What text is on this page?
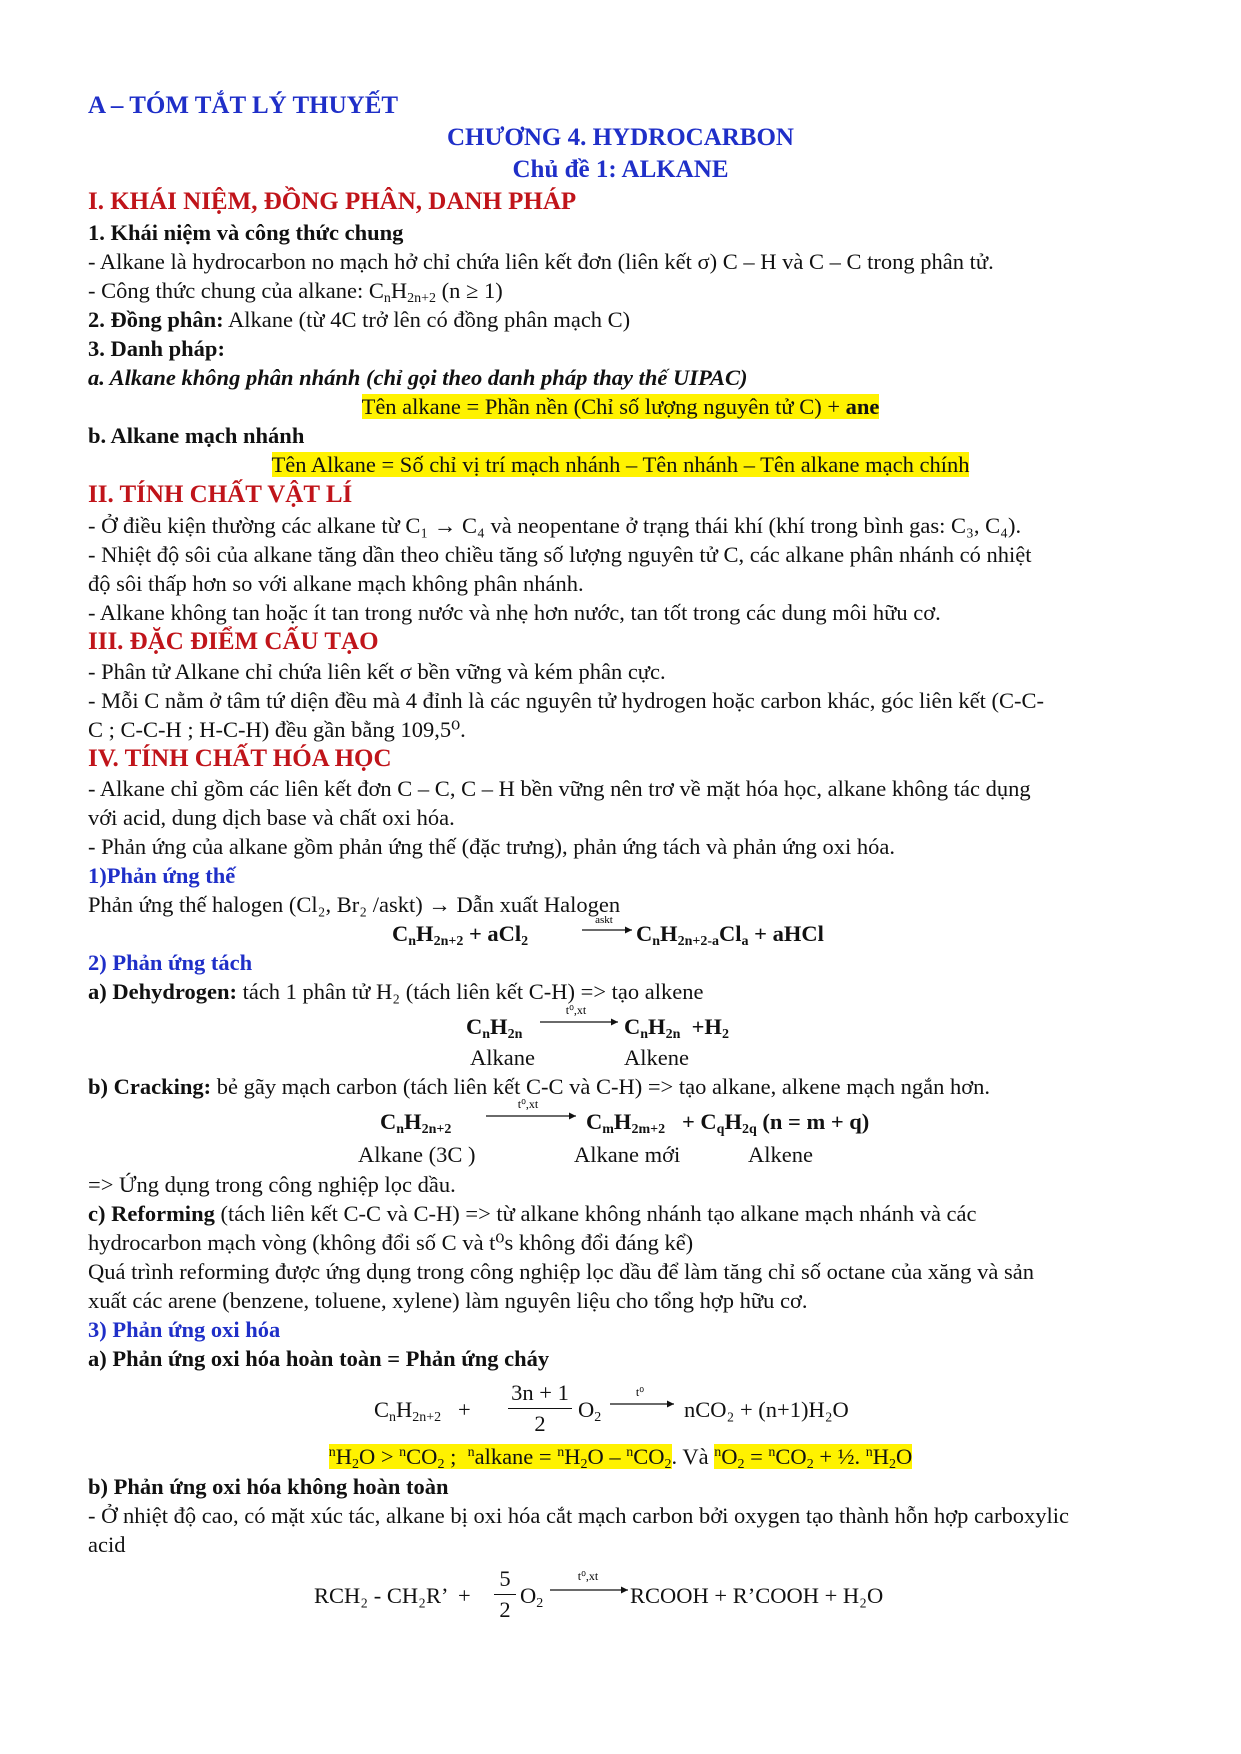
A – TÓM TẮT LÝ THUYẾT
CHƯƠNG 4. HYDROCARBON
Chủ đề 1: ALKANE
I. KHÁI NIỆM, ĐỒNG PHÂN, DANH PHÁP
1. Khái niệm và công thức chung
- Alkane là hydrocarbon no mạch hở chỉ chứa liên kết đơn (liên kết σ) C – H và C – C trong phân tử.
- Công thức chung của alkane: $C_nH_{2n+2}$ (n ≥ 1)
2. Đồng phân: Alkane (từ 4C trở lên có đồng phân mạch C)
3. Danh pháp:
a. Alkane không phân nhánh (chỉ gọi theo danh pháp thay thế UIPAC)
Tên alkane = Phần nền (Chỉ số lượng nguyên tử C) + ane
b. Alkane mạch nhánh
Tên Alkane = Số chỉ vị trí mạch nhánh – Tên nhánh – Tên alkane mạch chính
II. TÍNH CHẤT VẬT LÍ
- Ở điều kiện thường các alkane từ C₁ → C₄ và neopentane ở trạng thái khí (khí trong bình gas: C₃, C₄).
- Nhiệt độ sôi của alkane tăng dần theo chiều tăng số lượng nguyên tử C, các alkane phân nhánh có nhiệt
độ sôi thấp hơn so với alkane mạch không phân nhánh.
- Alkane không tan hoặc ít tan trong nước và nhẹ hơn nước, tan tốt trong các dung môi hữu cơ.
III. ĐẶC ĐIỂM CẤU TẠO
- Phân tử Alkane chỉ chứa liên kết σ bền vững và kém phân cực.
- Mỗi C nằm ở tâm tứ diện đều mà 4 đỉnh là các nguyên tử hydrogen hoặc carbon khác, góc liên kết (C-C-
C ; C-C-H ; H-C-H) đều gần bằng 109,5⁰.
IV. TÍNH CHẤT HÓA HỌC
- Alkane chỉ gồm các liên kết đơn C – C, C – H bền vững nên trơ về mặt hóa học, alkane không tác dụng
với acid, dung dịch base và chất oxi hóa.
- Phản ứng của alkane gồm phản ứng thế (đặc trưng), phản ứng tách và phản ứng oxi hóa.
1)Phản ứng thế
Phản ứng thế halogen (Cl₂, Br₂ /askt) → Dẫn xuất Halogen
$C_nH_{2n+2} + aCl_2$
askt
$C_nH_{2n+2-a}Cl_a$ + aHCl
2) Phản ứng tách
a) Dehydrogen: tách 1 phân tử H₂ (tách liên kết C-H) => tạo alkene
$C_nH_{2n}$
t⁰,xt
$C_nH_{2n} +H_2$
Alkane	Alkene
b) Cracking: bẻ gãy mạch carbon (tách liên kết C-C và C-H) => tạo alkane, alkene mạch ngắn hơn.
$C_nH_{2n+2}$
t⁰,xt
$C_mH_{2m+2} + C_qH_{2q}$ (n = m + q)
Alkane (3C )	Alkane mới	Alkene
=> Ứng dụng trong công nghiệp lọc dầu.
c) Reforming (tách liên kết C-C và C-H) => từ alkane không nhánh tạo alkane mạch nhánh và các
hydrocarbon mạch vòng (không đổi số C và t⁰s không đổi đáng kể)
Quá trình reforming được ứng dụng trong công nghiệp lọc dầu để làm tăng chỉ số octane của xăng và sản
xuất các arene (benzene, toluene, xylene) làm nguyên liệu cho tổng hợp hữu cơ.
3) Phản ứng oxi hóa
a) Phản ứng oxi hóa hoàn toàn = Phản ứng cháy
$C_nH_{2n+2}$   +
3n + 1
2
$O_2$
t⁰
nCO₂ + (n+1)H₂O
$^nH_2O > ^nCO_2$ ;  $^n$alkane = $^nH_2O - ^nCO_2$. Và $^nO_2 = ^nCO_2$ + ½. $^nH_2O$
b) Phản ứng oxi hóa không hoàn toàn
- Ở nhiệt độ cao, có mặt xúc tác, alkane bị oxi hóa cắt mạch carbon bởi oxygen tạo thành hỗn hợp carboxylic
acid
RCH₂ - CH₂R’  +
5
2
$O_2$
t⁰,xt
RCOOH + R’COOH + H₂O
